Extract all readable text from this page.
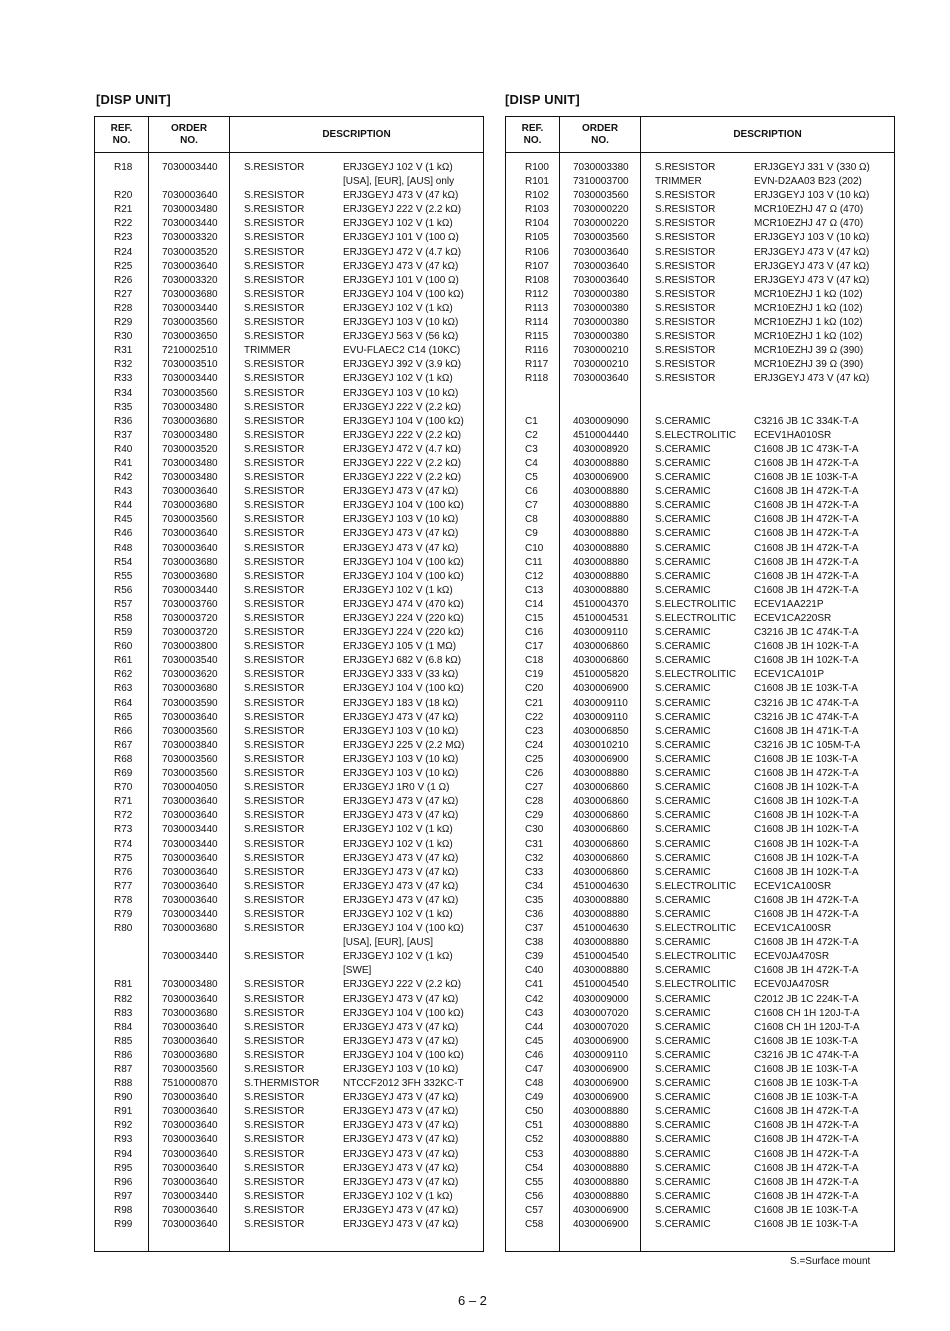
[DISP UNIT]
REF.
NO.
ORDER
NO.
DESCRIPTION
R18	7030003440	S.RESISTOR	ERJ3GEYJ 102 V (1 kΩ)
[USA], [EUR], [AUS] only
R20	7030003640	S.RESISTOR	ERJ3GEYJ 473 V (47 kΩ)
R21	7030003480	S.RESISTOR	ERJ3GEYJ 222 V (2.2 kΩ)
R22	7030003440	S.RESISTOR	ERJ3GEYJ 102 V (1 kΩ)
R23	7030003320	S.RESISTOR	ERJ3GEYJ 101 V (100 Ω)
R24	7030003520	S.RESISTOR	ERJ3GEYJ 472 V (4.7 kΩ)
R25	7030003640	S.RESISTOR	ERJ3GEYJ 473 V (47 kΩ)
R26	7030003320	S.RESISTOR	ERJ3GEYJ 101 V (100 Ω)
R27	7030003680	S.RESISTOR	ERJ3GEYJ 104 V (100 kΩ)
R28	7030003440	S.RESISTOR	ERJ3GEYJ 102 V (1 kΩ)
R29	7030003560	S.RESISTOR	ERJ3GEYJ 103 V (10 kΩ)
R30	7030003650	S.RESISTOR	ERJ3GEYJ 563 V (56 kΩ)
R31	7210002510	TRIMMER	EVU-FLAEC2 C14 (10KC)
R32	7030003510	S.RESISTOR	ERJ3GEYJ 392 V (3.9 kΩ)
R33	7030003440	S.RESISTOR	ERJ3GEYJ 102 V (1 kΩ)
R34	7030003560	S.RESISTOR	ERJ3GEYJ 103 V (10 kΩ)
R35	7030003480	S.RESISTOR	ERJ3GEYJ 222 V (2.2 kΩ)
R36	7030003680	S.RESISTOR	ERJ3GEYJ 104 V (100 kΩ)
R37	7030003480	S.RESISTOR	ERJ3GEYJ 222 V (2.2 kΩ)
R40	7030003520	S.RESISTOR	ERJ3GEYJ 472 V (4.7 kΩ)
R41	7030003480	S.RESISTOR	ERJ3GEYJ 222 V (2.2 kΩ)
R42	7030003480	S.RESISTOR	ERJ3GEYJ 222 V (2.2 kΩ)
R43	7030003640	S.RESISTOR	ERJ3GEYJ 473 V (47 kΩ)
R44	7030003680	S.RESISTOR	ERJ3GEYJ 104 V (100 kΩ)
R45	7030003560	S.RESISTOR	ERJ3GEYJ 103 V (10 kΩ)
R46	7030003640	S.RESISTOR	ERJ3GEYJ 473 V (47 kΩ)
R48	7030003640	S.RESISTOR	ERJ3GEYJ 473 V (47 kΩ)
R54	7030003680	S.RESISTOR	ERJ3GEYJ 104 V (100 kΩ)
R55	7030003680	S.RESISTOR	ERJ3GEYJ 104 V (100 kΩ)
R56	7030003440	S.RESISTOR	ERJ3GEYJ 102 V (1 kΩ)
R57	7030003760	S.RESISTOR	ERJ3GEYJ 474 V (470 kΩ)
R58	7030003720	S.RESISTOR	ERJ3GEYJ 224 V (220 kΩ)
R59	7030003720	S.RESISTOR	ERJ3GEYJ 224 V (220 kΩ)
R60	7030003800	S.RESISTOR	ERJ3GEYJ 105 V (1 MΩ)
R61	7030003540	S.RESISTOR	ERJ3GEYJ 682 V (6.8 kΩ)
R62	7030003620	S.RESISTOR	ERJ3GEYJ 333 V (33 kΩ)
R63	7030003680	S.RESISTOR	ERJ3GEYJ 104 V (100 kΩ)
R64	7030003590	S.RESISTOR	ERJ3GEYJ 183 V (18 kΩ)
R65	7030003640	S.RESISTOR	ERJ3GEYJ 473 V (47 kΩ)
R66	7030003560	S.RESISTOR	ERJ3GEYJ 103 V (10 kΩ)
R67	7030003840	S.RESISTOR	ERJ3GEYJ 225 V (2.2 MΩ)
R68	7030003560	S.RESISTOR	ERJ3GEYJ 103 V (10 kΩ)
R69	7030003560	S.RESISTOR	ERJ3GEYJ 103 V (10 kΩ)
R70	7030004050	S.RESISTOR	ERJ3GEYJ 1R0 V (1 Ω)
R71	7030003640	S.RESISTOR	ERJ3GEYJ 473 V (47 kΩ)
R72	7030003640	S.RESISTOR	ERJ3GEYJ 473 V (47 kΩ)
R73	7030003440	S.RESISTOR	ERJ3GEYJ 102 V (1 kΩ)
R74	7030003440	S.RESISTOR	ERJ3GEYJ 102 V (1 kΩ)
R75	7030003640	S.RESISTOR	ERJ3GEYJ 473 V (47 kΩ)
R76	7030003640	S.RESISTOR	ERJ3GEYJ 473 V (47 kΩ)
R77	7030003640	S.RESISTOR	ERJ3GEYJ 473 V (47 kΩ)
R78	7030003640	S.RESISTOR	ERJ3GEYJ 473 V (47 kΩ)
R79	7030003440	S.RESISTOR	ERJ3GEYJ 102 V (1 kΩ)
R80	7030003680	S.RESISTOR	ERJ3GEYJ 104 V (100 kΩ)
[USA], [EUR], [AUS]
7030003440	S.RESISTOR	ERJ3GEYJ 102 V (1 kΩ)
[SWE]
R81	7030003480	S.RESISTOR	ERJ3GEYJ 222 V (2.2 kΩ)
R82	7030003640	S.RESISTOR	ERJ3GEYJ 473 V (47 kΩ)
R83	7030003680	S.RESISTOR	ERJ3GEYJ 104 V (100 kΩ)
R84	7030003640	S.RESISTOR	ERJ3GEYJ 473 V (47 kΩ)
R85	7030003640	S.RESISTOR	ERJ3GEYJ 473 V (47 kΩ)
R86	7030003680	S.RESISTOR	ERJ3GEYJ 104 V (100 kΩ)
R87	7030003560	S.RESISTOR	ERJ3GEYJ 103 V (10 kΩ)
R88	7510000870	S.THERMISTOR NTCCF2012 3FH 332KC-T
R90	7030003640	S.RESISTOR	ERJ3GEYJ 473 V (47 kΩ)
R91	7030003640	S.RESISTOR	ERJ3GEYJ 473 V (47 kΩ)
R92	7030003640	S.RESISTOR	ERJ3GEYJ 473 V (47 kΩ)
R93	7030003640	S.RESISTOR	ERJ3GEYJ 473 V (47 kΩ)
R94	7030003640	S.RESISTOR	ERJ3GEYJ 473 V (47 kΩ)
R95	7030003640	S.RESISTOR	ERJ3GEYJ 473 V (47 kΩ)
R96	7030003640	S.RESISTOR	ERJ3GEYJ 473 V (47 kΩ)
R97	7030003440	S.RESISTOR	ERJ3GEYJ 102 V (1 kΩ)
R98	7030003640	S.RESISTOR	ERJ3GEYJ 473 V (47 kΩ)
R99	7030003640	S.RESISTOR	ERJ3GEYJ 473 V (47 kΩ)
[DISP UNIT]
REF.
NO.
ORDER
NO.
DESCRIPTION
R100 7030003380	S.RESISTOR	ERJ3GEYJ 331 V (330 Ω)
R101 7310003700	TRIMMER	EVN-D2AA03 B23 (202)
R102 7030003560	S.RESISTOR	ERJ3GEYJ 103 V (10 kΩ)
R103 7030000220	S.RESISTOR	MCR10EZHJ 47 Ω (470)
R104 7030000220	S.RESISTOR	MCR10EZHJ 47 Ω (470)
R105 7030003560	S.RESISTOR	ERJ3GEYJ 103 V (10 kΩ)
R106 7030003640	S.RESISTOR	ERJ3GEYJ 473 V (47 kΩ)
R107 7030003640	S.RESISTOR	ERJ3GEYJ 473 V (47 kΩ)
R108 7030003640	S.RESISTOR	ERJ3GEYJ 473 V (47 kΩ)
R112 7030000380	S.RESISTOR	MCR10EZHJ 1 kΩ (102)
R113 7030000380	S.RESISTOR	MCR10EZHJ 1 kΩ (102)
R114 7030000380	S.RESISTOR	MCR10EZHJ 1 kΩ (102)
R115 7030000380	S.RESISTOR	MCR10EZHJ 1 kΩ (102)
R116 7030000210	S.RESISTOR	MCR10EZHJ 39 Ω (390)
R117 7030000210	S.RESISTOR	MCR10EZHJ 39 Ω (390)
R118 7030003640	S.RESISTOR	ERJ3GEYJ 473 V (47 kΩ)
C1	4030009090	S.CERAMIC	C3216 JB 1C 334K-T-A
C2	4510004440	S.ELECTROLITIC ECEV1HA010SR
C3	4030008920	S.CERAMIC	C1608 JB 1C 473K-T-A
C4	4030008880	S.CERAMIC	C1608 JB 1H 472K-T-A
C5	4030006900	S.CERAMIC	C1608 JB 1E 103K-T-A
C6	4030008880	S.CERAMIC	C1608 JB 1H 472K-T-A
C7	4030008880	S.CERAMIC	C1608 JB 1H 472K-T-A
C8	4030008880	S.CERAMIC	C1608 JB 1H 472K-T-A
C9	4030008880	S.CERAMIC	C1608 JB 1H 472K-T-A
C10	4030008880	S.CERAMIC	C1608 JB 1H 472K-T-A
C11	4030008880	S.CERAMIC	C1608 JB 1H 472K-T-A
C12	4030008880	S.CERAMIC	C1608 JB 1H 472K-T-A
C13	4030008880	S.CERAMIC	C1608 JB 1H 472K-T-A
C14	4510004370	S.ELECTROLITIC ECEV1AA221P
C15	4510004531	S.ELECTROLITIC ECEV1CA220SR
C16	4030009110	S.CERAMIC	C3216 JB 1C 474K-T-A
C17	4030006860	S.CERAMIC	C1608 JB 1H 102K-T-A
C18	4030006860	S.CERAMIC	C1608 JB 1H 102K-T-A
C19	4510005820	S.ELECTROLITIC ECEV1CA101P
C20	4030006900	S.CERAMIC	C1608 JB 1E 103K-T-A
C21	4030009110	S.CERAMIC	C3216 JB 1C 474K-T-A
C22	4030009110	S.CERAMIC	C3216 JB 1C 474K-T-A
C23	4030006850	S.CERAMIC	C1608 JB 1H 471K-T-A
C24	4030010210	S.CERAMIC	C3216 JB 1C 105M-T-A
C25	4030006900	S.CERAMIC	C1608 JB 1E 103K-T-A
C26	4030008880	S.CERAMIC	C1608 JB 1H 472K-T-A
C27	4030006860	S.CERAMIC	C1608 JB 1H 102K-T-A
C28	4030006860	S.CERAMIC	C1608 JB 1H 102K-T-A
C29	4030006860	S.CERAMIC	C1608 JB 1H 102K-T-A
C30	4030006860	S.CERAMIC	C1608 JB 1H 102K-T-A
C31	4030006860	S.CERAMIC	C1608 JB 1H 102K-T-A
C32	4030006860	S.CERAMIC	C1608 JB 1H 102K-T-A
C33	4030006860	S.CERAMIC	C1608 JB 1H 102K-T-A
C34	4510004630	S.ELECTROLITIC ECEV1CA100SR
C35	4030008880	S.CERAMIC	C1608 JB 1H 472K-T-A
C36	4030008880	S.CERAMIC	C1608 JB 1H 472K-T-A
C37	4510004630	S.ELECTROLITIC ECEV1CA100SR
C38	4030008880	S.CERAMIC	C1608 JB 1H 472K-T-A
C39	4510004540	S.ELECTROLITIC ECEV0JA470SR
C40	4030008880	S.CERAMIC	C1608 JB 1H 472K-T-A
C41	4510004540	S.ELECTROLITIC ECEV0JA470SR
C42	4030009000	S.CERAMIC	C2012 JB 1C 224K-T-A
C43	4030007020	S.CERAMIC	C1608 CH 1H 120J-T-A
C44	4030007020	S.CERAMIC	C1608 CH 1H 120J-T-A
C45	4030006900	S.CERAMIC	C1608 JB 1E 103K-T-A
C46	4030009110	S.CERAMIC	C3216 JB 1C 474K-T-A
C47	4030006900	S.CERAMIC	C1608 JB 1E 103K-T-A
C48	4030006900	S.CERAMIC	C1608 JB 1E 103K-T-A
C49	4030006900	S.CERAMIC	C1608 JB 1E 103K-T-A
C50	4030008880	S.CERAMIC	C1608 JB 1H 472K-T-A
C51	4030008880	S.CERAMIC	C1608 JB 1H 472K-T-A
C52	4030008880	S.CERAMIC	C1608 JB 1H 472K-T-A
C53	4030008880	S.CERAMIC	C1608 JB 1H 472K-T-A
C54	4030008880	S.CERAMIC	C1608 JB 1H 472K-T-A
C55	4030008880	S.CERAMIC	C1608 JB 1H 472K-T-A
C56	4030008880	S.CERAMIC	C1608 JB 1H 472K-T-A
C57	4030006900	S.CERAMIC	C1608 JB 1E 103K-T-A
C58	4030006900	S.CERAMIC	C1608 JB 1E 103K-T-A
S.=Surface mount
6 – 2
